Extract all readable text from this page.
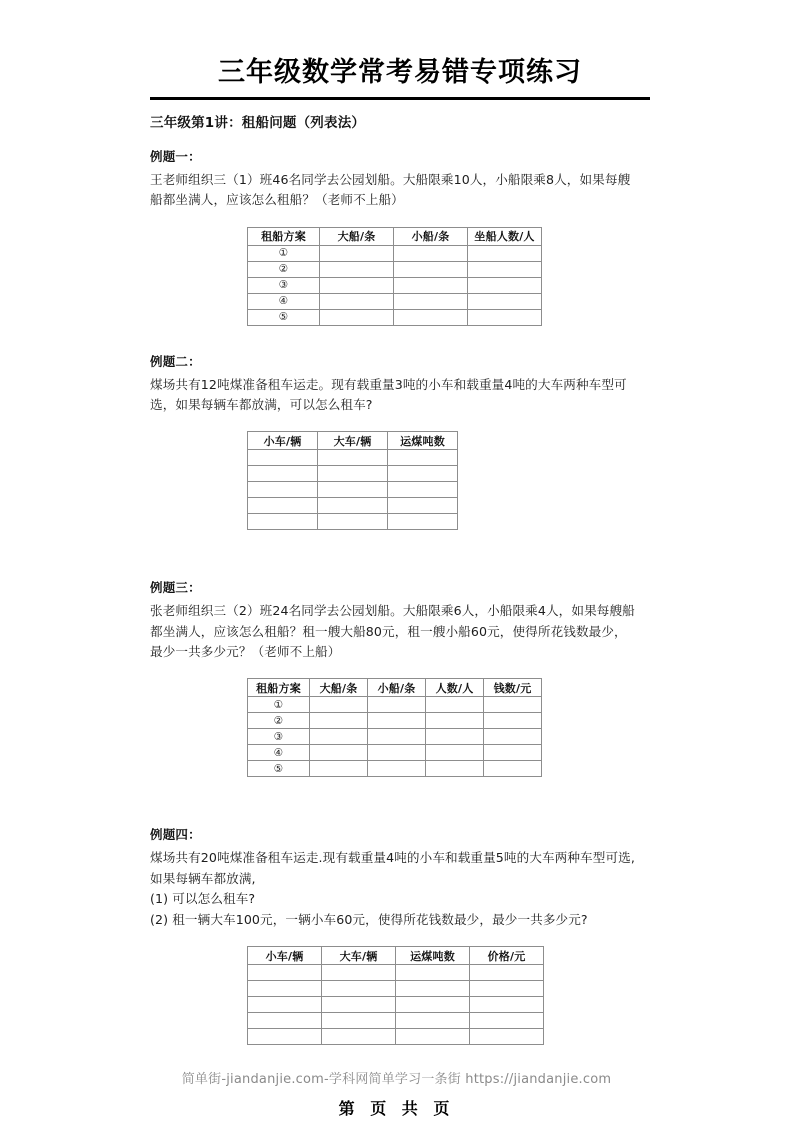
三年级数学常考易错专项练习
三年级第1讲：租船问题（列表法）
例题一：

王老师组织三（1）班46名同学去公园划船。大船限乘10人，小船限乘8人，如果每艘

船都坐满人，应该怎么租船？（老师不上船）

租船方案	大船/条	小船/条	坐船人数/人
①			
②			
③			
④			
⑤			
例题二：

煤场共有12吨煤准备租车运走。现有载重量3吨的小车和载重量4吨的大车两种车型可

选，如果每辆车都放满，可以怎么租车?

小车/辆	大车/辆	运煤吨数

例题三：

张老师组织三（2）班24名同学去公园划船。大船限乘6人，小船限乘4人，如果每艘船

都坐满人，应该怎么租船？租一艘大船80元，租一艘小船60元，使得所花钱数最少，

最少一共多少元？（老师不上船）

租船方案	大船/条	小船/条	人数/人	钱数/元
①				
②				
③				
④				
⑤				
例题四：

煤场共有20吨煤准备租车运走.现有载重量4吨的小车和载重量5吨的大车两种车型可选,

如果每辆车都放满,

(1) 可以怎么租车?

(2) 租一辆大车100元，一辆小车60元，使得所花钱数最少，最少一共多少元?

小车/辆	大车/辆	运煤吨数	价格/元

简单街-jiandanjie.com-学科网简单学习一条街 https://jiandanjie.com
第 页 共 页
